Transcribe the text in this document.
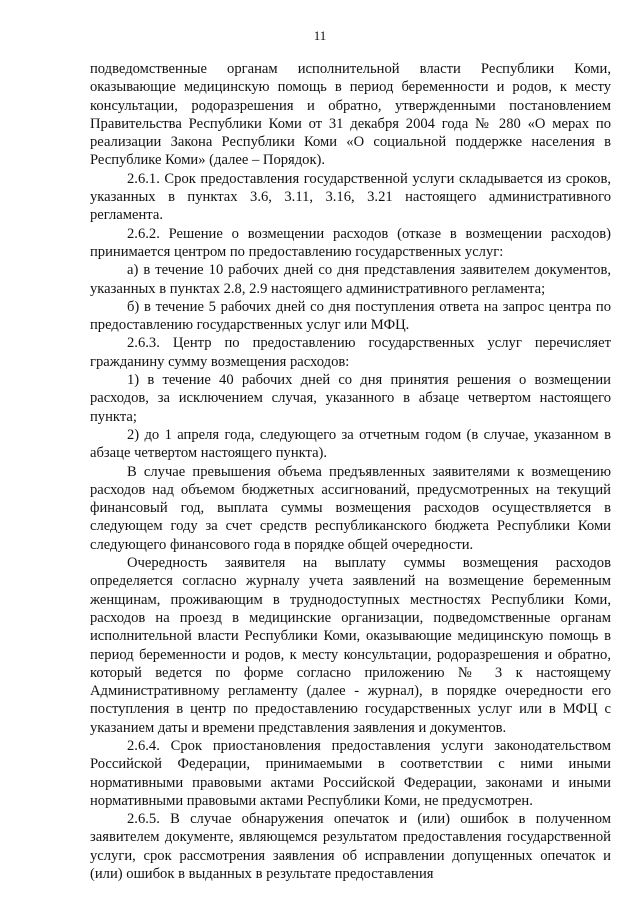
11

подведомственные органам исполнительной власти Республики Коми, оказывающие медицинскую помощь в период беременности и родов, к месту консультации, родоразрешения и обратно, утвержденными постановлением Правительства Республики Коми от 31 декабря 2004 года № 280 «О мерах по реализации Закона Республики Коми «О социальной поддержке населения в Республике Коми» (далее – Порядок).

2.6.1. Срок предоставления государственной услуги складывается из сроков, указанных в пунктах 3.6, 3.11, 3.16, 3.21 настоящего административного регламента.

2.6.2. Решение о возмещении расходов (отказе в возмещении расходов) принимается центром по предоставлению государственных услуг:

а) в течение 10 рабочих дней со дня представления заявителем документов, указанных в пунктах 2.8, 2.9 настоящего административного регламента;

б) в течение 5 рабочих дней со дня поступления ответа на запрос центра по предоставлению государственных услуг или МФЦ.

2.6.3. Центр по предоставлению государственных услуг перечисляет гражданину сумму возмещения расходов:

1) в течение 40 рабочих дней со дня принятия решения о возмещении расходов, за исключением случая, указанного в абзаце четвертом настоящего пункта;

2) до 1 апреля года, следующего за отчетным годом (в случае, указанном в абзаце четвертом настоящего пункта).

В случае превышения объема предъявленных заявителями к возмещению расходов над объемом бюджетных ассигнований, предусмотренных на текущий финансовый год, выплата суммы возмещения расходов осуществляется в следующем году за счет средств республиканского бюджета Республики Коми следующего финансового года в порядке общей очередности.

Очередность заявителя на выплату суммы возмещения расходов определяется согласно журналу учета заявлений на возмещение беременным женщинам, проживающим в труднодоступных местностях Республики Коми, расходов на проезд в медицинские организации, подведомственные органам исполнительной власти Республики Коми, оказывающие медицинскую помощь в период беременности и родов, к месту консультации, родоразрешения и обратно, который ведется по форме согласно приложению № 3 к настоящему Административному регламенту (далее - журнал), в порядке очередности его поступления в центр по предоставлению государственных услуг или в МФЦ с указанием даты и времени представления заявления и документов.

2.6.4. Срок приостановления предоставления услуги законодательством Российской Федерации, принимаемыми в соответствии с ними иными нормативными правовыми актами Российской Федерации, законами и иными нормативными правовыми актами Республики Коми, не предусмотрен.

2.6.5. В случае обнаружения опечаток и (или) ошибок в полученном заявителем документе, являющемся результатом предоставления государственной услуги, срок рассмотрения заявления об исправлении допущенных опечаток и (или) ошибок в выданных в результате предоставления
